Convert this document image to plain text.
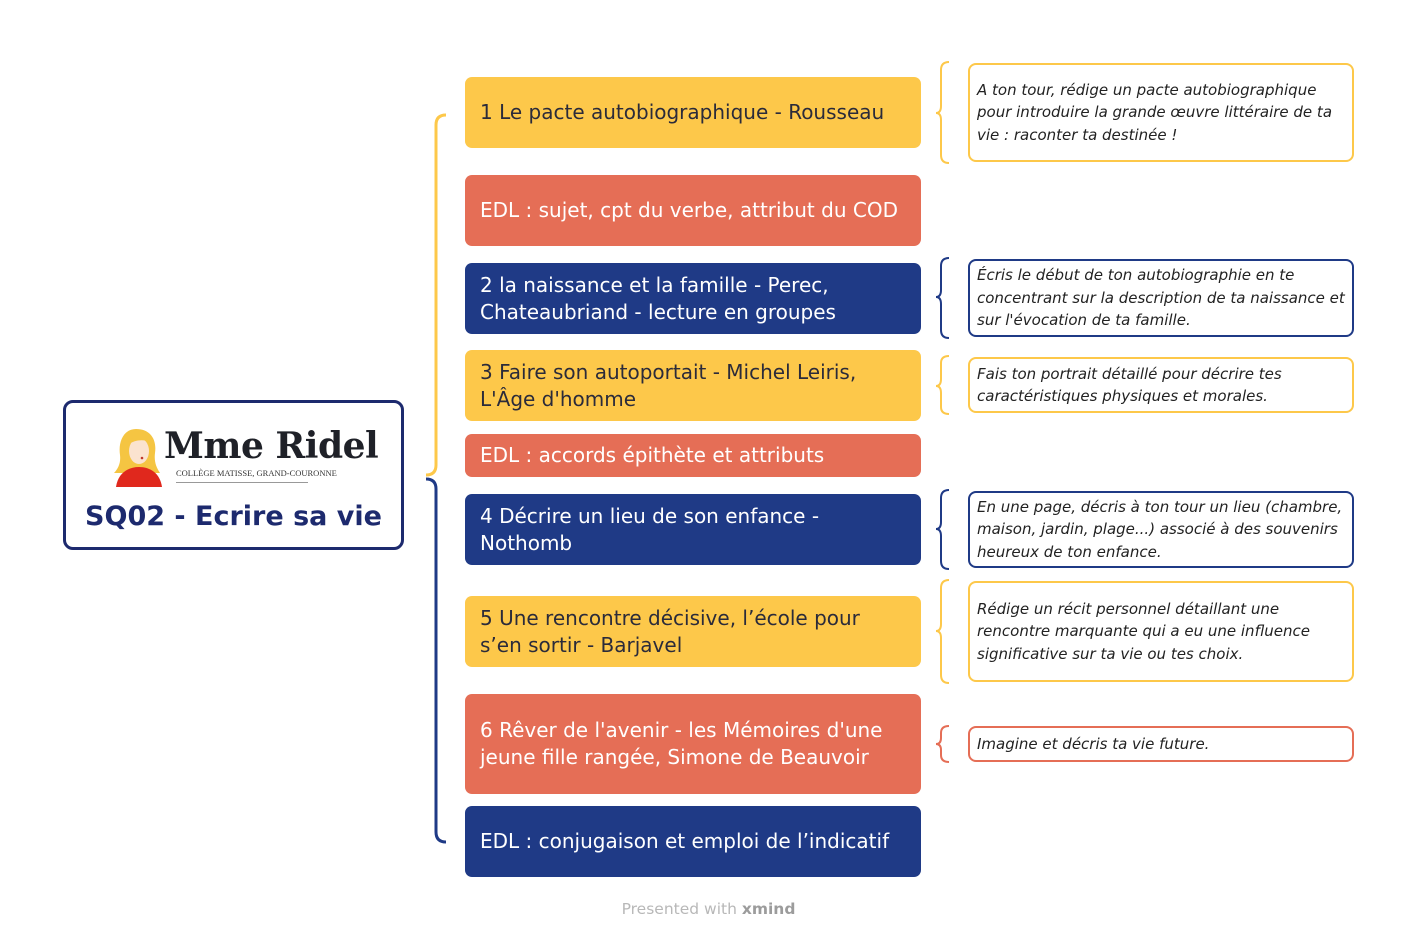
Mme Ridel
COLLÈGE MATISSE, GRAND-COURONNE
SQ02 - Ecrire sa vie
1 Le pacte autobiographique - Rousseau
EDL : sujet, cpt du verbe, attribut du COD
2 la naissance et la famille - Perec, Chateaubriand - lecture en groupes
3 Faire son autoportait - Michel Leiris, L'Âge d'homme
EDL : accords épithète et attributs
4 Décrire un lieu de son enfance - Nothomb
5 Une rencontre décisive, l’école pour s’en sortir - Barjavel
6 Rêver de l'avenir - les Mémoires d'une jeune fille rangée, Simone de Beauvoir
EDL : conjugaison et emploi de l’indicatif
A ton tour, rédige un pacte autobiographique pour introduire la grande œuvre littéraire de ta vie : raconter ta destinée !
Écris le début de ton autobiographie en te concentrant sur la description de ta naissance et sur l'évocation de ta famille.
Fais ton portrait détaillé pour décrire tes caractéristiques physiques et morales.
En une page, décris à ton tour un lieu (chambre, maison, jardin, plage...) associé à des souvenirs heureux de ton enfance.
Rédige un récit personnel détaillant une rencontre marquante qui a eu une influence significative sur ta vie ou tes choix.
Imagine et décris ta vie future.
Presented with xmind
